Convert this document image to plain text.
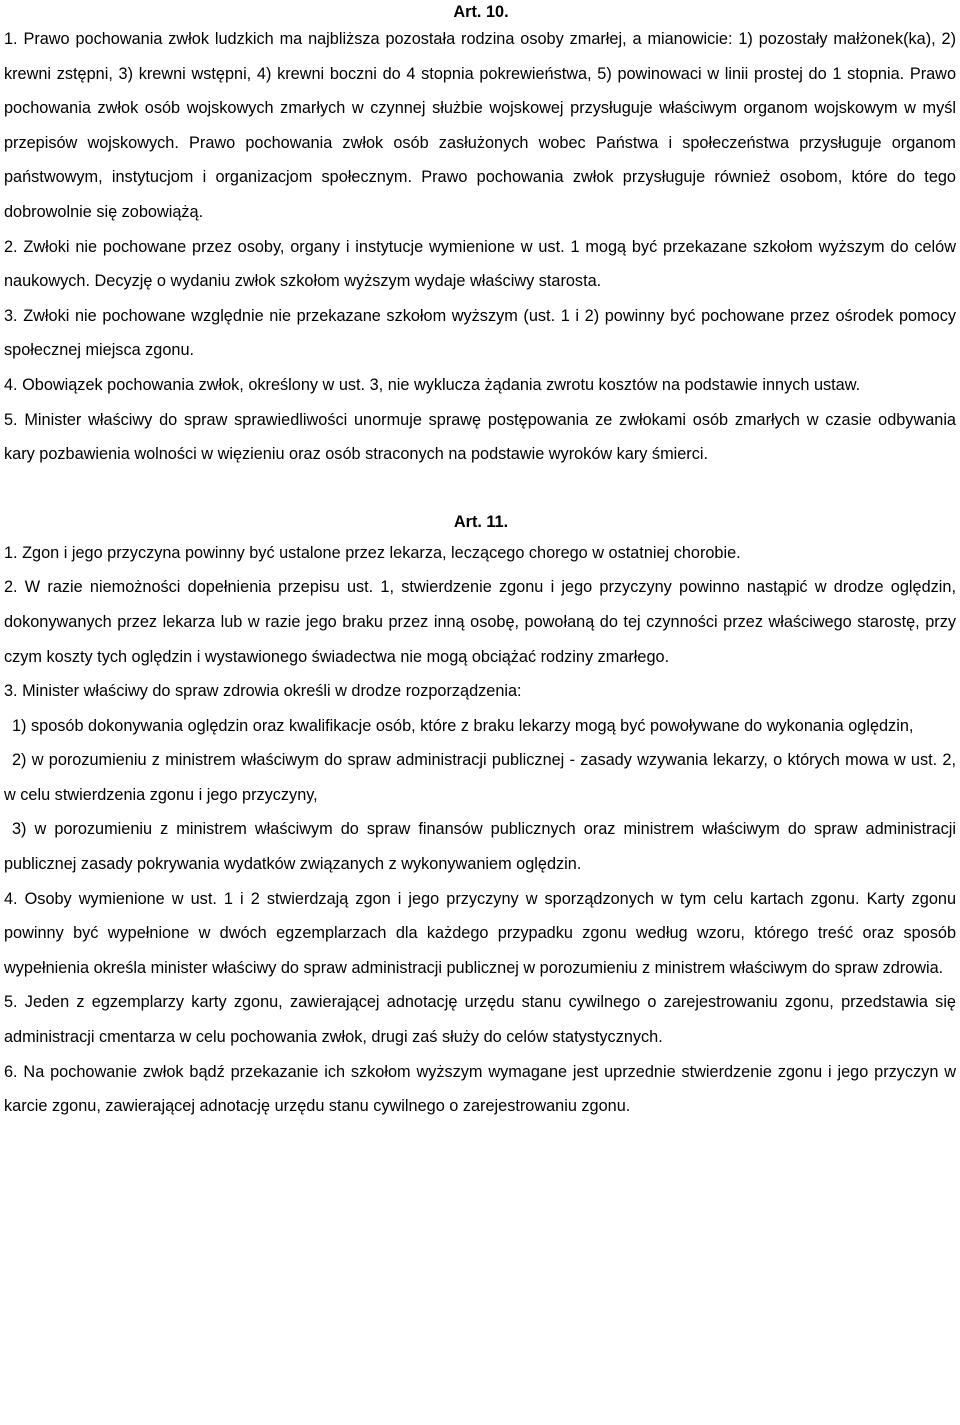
Art. 10.

1. Prawo pochowania zwłok ludzkich ma najbliższa pozostała rodzina osoby zmarłej, a mianowicie: 1) pozostały małżonek(ka), 2) krewni zstępni, 3) krewni wstępni, 4) krewni boczni do 4 stopnia pokrewieństwa, 5) powinowaci w linii prostej do 1 stopnia. Prawo pochowania zwłok osób wojskowych zmarłych w czynnej służbie wojskowej przysługuje właściwym organom wojskowym w myśl przepisów wojskowych. Prawo pochowania zwłok osób zasłużonych wobec Państwa i społeczeństwa przysługuje organom państwowym, instytucjom i organizacjom społecznym. Prawo pochowania zwłok przysługuje również osobom, które do tego dobrowolnie się zobowiążą.

2. Zwłoki nie pochowane przez osoby, organy i instytucje wymienione w ust. 1 mogą być przekazane szkołom wyższym do celów naukowych. Decyzję o wydaniu zwłok szkołom wyższym wydaje właściwy starosta.

3. Zwłoki nie pochowane względnie nie przekazane szkołom wyższym (ust. 1 i 2) powinny być pochowane przez ośrodek pomocy społecznej miejsca zgonu.

4. Obowiązek pochowania zwłok, określony w ust. 3, nie wyklucza żądania zwrotu kosztów na podstawie innych ustaw.

5. Minister właściwy do spraw sprawiedliwości unormuje sprawę postępowania ze zwłokami osób zmarłych w czasie odbywania kary pozbawienia wolności w więzieniu oraz osób straconych na podstawie wyroków kary śmierci.

Art. 11.

1. Zgon i jego przyczyna powinny być ustalone przez lekarza, leczącego chorego w ostatniej chorobie.

2. W razie niemożności dopełnienia przepisu ust. 1, stwierdzenie zgonu i jego przyczyny powinno nastąpić w drodze oględzin, dokonywanych przez lekarza lub w razie jego braku przez inną osobę, powołaną do tej czynności przez właściwego starostę, przy czym koszty tych oględzin i wystawionego świadectwa nie mogą obciążać rodziny zmarłego.

3. Minister właściwy do spraw zdrowia określi w drodze rozporządzenia:

1) sposób dokonywania oględzin oraz kwalifikacje osób, które z braku lekarzy mogą być powoływane do wykonania oględzin,

2) w porozumieniu z ministrem właściwym do spraw administracji publicznej - zasady wzywania lekarzy, o których mowa w ust. 2, w celu stwierdzenia zgonu i jego przyczyny,

3) w porozumieniu z ministrem właściwym do spraw finansów publicznych oraz ministrem właściwym do spraw administracji publicznej zasady pokrywania wydatków związanych z wykonywaniem oględzin.

4. Osoby wymienione w ust. 1 i 2 stwierdzają zgon i jego przyczyny w sporządzonych w tym celu kartach zgonu. Karty zgonu powinny być wypełnione w dwóch egzemplarzach dla każdego przypadku zgonu według wzoru, którego treść oraz sposób wypełnienia określa minister właściwy do spraw administracji publicznej w porozumieniu z ministrem właściwym do spraw zdrowia.

5. Jeden z egzemplarzy karty zgonu, zawierającej adnotację urzędu stanu cywilnego o zarejestrowaniu zgonu, przedstawia się administracji cmentarza w celu pochowania zwłok, drugi zaś służy do celów statystycznych.

6. Na pochowanie zwłok bądź przekazanie ich szkołom wyższym wymagane jest uprzednie stwierdzenie zgonu i jego przyczyn w karcie zgonu, zawierającej adnotację urzędu stanu cywilnego o zarejestrowaniu zgonu.
